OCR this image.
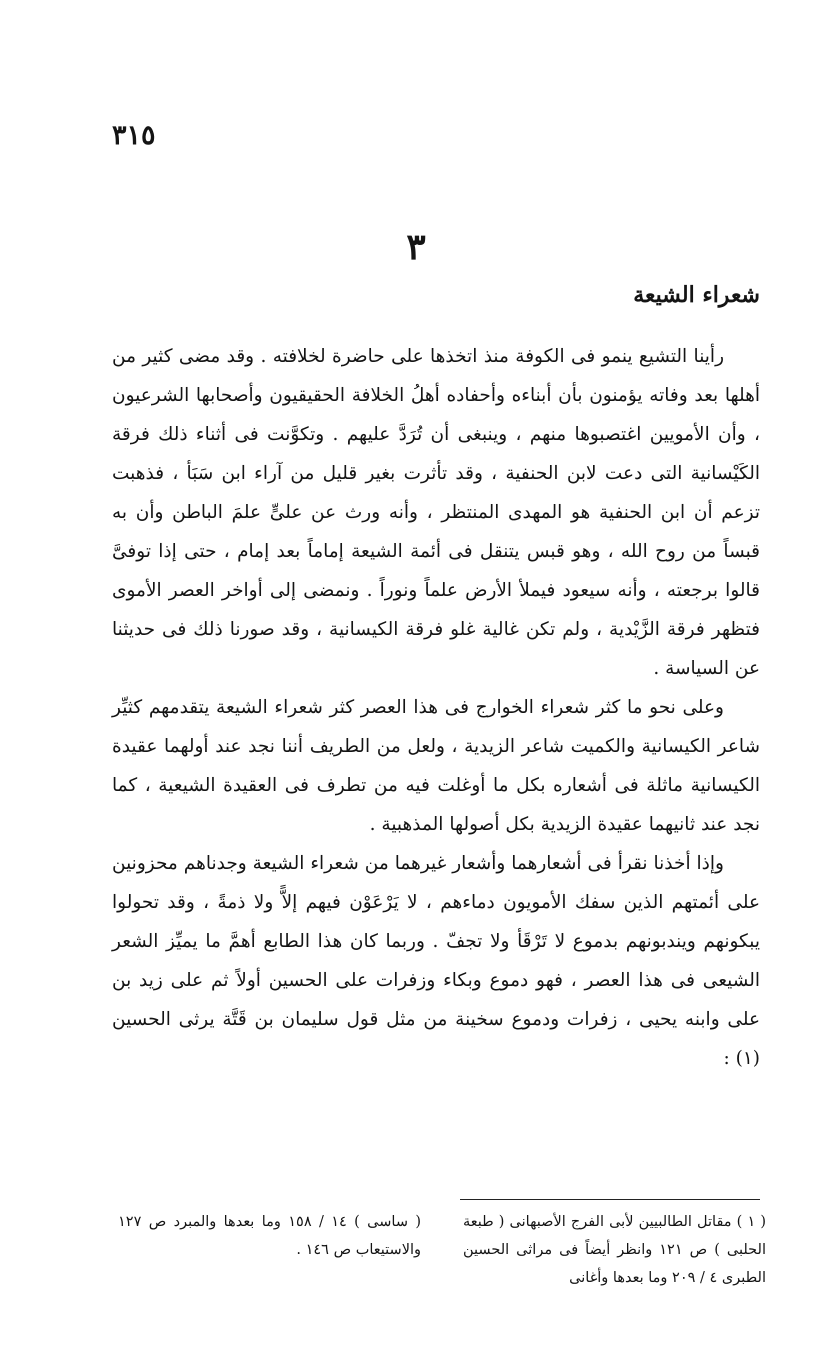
٣١٥
٣
شعراء الشيعة

رأينا التشيع ينمو فى الكوفة منذ اتخذها على حاضرة لخلافته . وقد مضى كثير من أهلها بعد وفاته يؤمنون بأن أبناءه وأحفاده أهلُ الخلافة الحقيقيون وأصحابها الشرعيون ، وأن الأمويين اغتصبوها منهم ، وينبغى أن تُرَدَّ عليهم . وتكوَّنت فى أثناء ذلك فرقة الكَيْسانية التى دعت لابن الحنفية ، وقد تأثرت بغير قليل من آراء ابن سَبَأ ، فذهبت تزعم أن ابن الحنفية هو المهدى المنتظر ، وأنه ورث عن علىٍّ علمَ الباطن وأن به قبساً من روح الله ، وهو قبس يتنقل فى أئمة الشيعة إماماً بعد إمام ، حتى إذا توفىَّ قالوا برجعته ، وأنه سيعود فيملأ الأرض علماً ونوراً . ونمضى إلى أواخر العصر الأموى فتظهر فرقة الزَّيْدية ، ولم تكن غالية غلو فرقة الكيسانية ، وقد صورنا ذلك فى حديثنا عن السياسة .

وعلى نحو ما كثر شعراء الخوارج فى هذا العصر كثر شعراء الشيعة يتقدمهم كثيِّر شاعر الكيسانية والكميت شاعر الزيدية ، ولعل من الطريف أننا نجد عند أولهما عقيدة الكيسانية ماثلة فى أشعاره بكل ما أوغلت فيه من تطرف فى العقيدة الشيعية ، كما نجد عند ثانيهما عقيدة الزيدية بكل أصولها المذهبية .

وإذا أخذنا نقرأ فى أشعارهما وأشعار غيرهما من شعراء الشيعة وجدناهم محزونين على أئمتهم الذين سفك الأمويون دماءهم ، لا يَرْعَوْن فيهم إلاًّ ولا ذمةً ، وقد تحولوا يبكونهم ويندبونهم بدموع لا تَرْقَأ ولا تجفّ . وربما كان هذا الطابع أهمَّ ما يميِّز الشعر الشيعى فى هذا العصر ، فهو دموع وبكاء وزفرات على الحسين أولاً ثم على زيد بن على وابنه يحيى ، زفرات ودموع سخينة من مثل قول سليمان بن قَتَّة يرثى الحسين (١) :

( ١ ) مقاتل الطالبيين لأبى الفرج الأصبهانى ( طبعة الحلبى ) ص ١٢١ وانظر أيضاً فى مراثى الحسين الطبرى ٤ / ٢٠٩ وما بعدها وأغانى

( ساسى ) ١٤ / ١٥٨ وما بعدها والمبرد ص ١٢٧ والاستيعاب ص ١٤٦ .
